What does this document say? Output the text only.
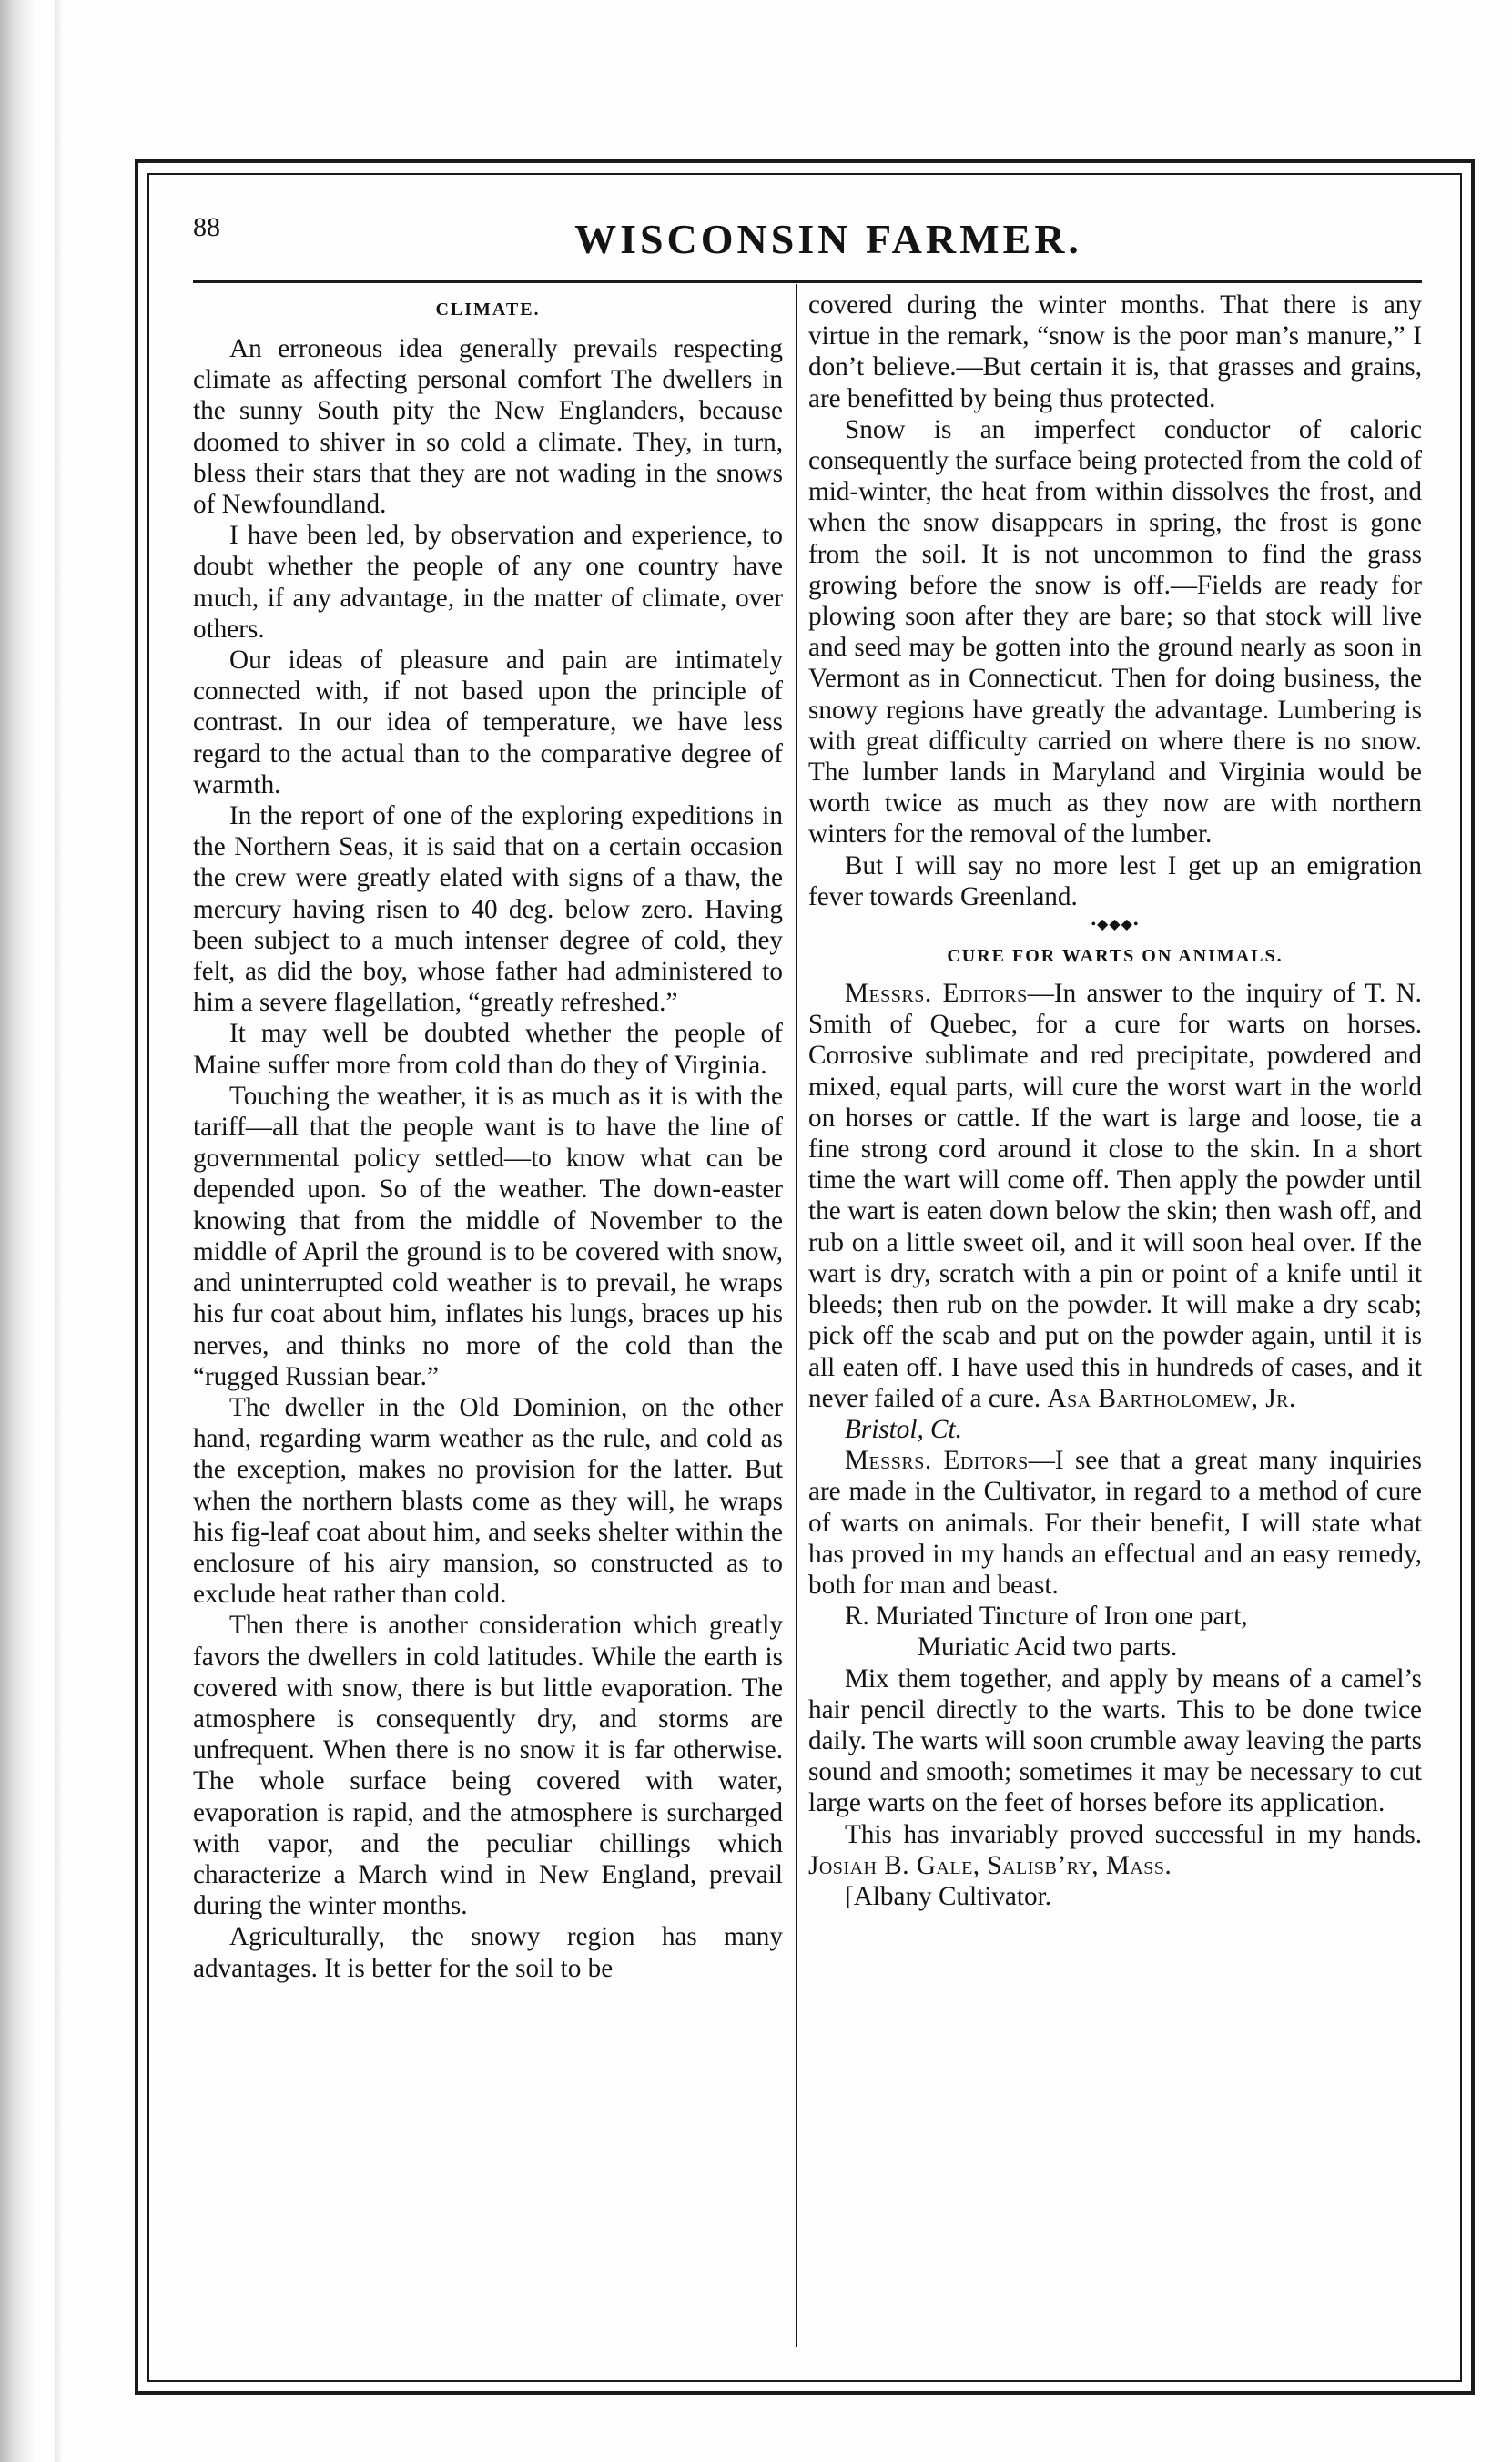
88	WISCONSIN FARMER.
CLIMATE.

An erroneous idea generally prevails respecting climate as affecting personal comfort The dwellers in the sunny South pity the New Englanders, because doomed to shiver in so cold a climate. They, in turn, bless their stars that they are not wading in the snows of Newfoundland.

I have been led, by observation and experience, to doubt whether the people of any one country have much, if any advantage, in the matter of climate, over others.

Our ideas of pleasure and pain are intimately connected with, if not based upon the principle of contrast. In our idea of temperature, we have less regard to the actual than to the comparative degree of warmth.

In the report of one of the exploring expeditions in the Northern Seas, it is said that on a certain occasion the crew were greatly elated with signs of a thaw, the mercury having risen to 40 deg. below zero. Having been subject to a much intenser degree of cold, they felt, as did the boy, whose father had administered to him a severe flagellation, “greatly refreshed.”

It may well be doubted whether the people of Maine suffer more from cold than do they of Virginia.

Touching the weather, it is as much as it is with the tariff—all that the people want is to have the line of governmental policy settled—to know what can be depended upon. So of the weather. The down-easter knowing that from the middle of November to the middle of April the ground is to be covered with snow, and uninterrupted cold weather is to prevail, he wraps his fur coat about him, inflates his lungs, braces up his nerves, and thinks no more of the cold than the “rugged Russian bear.”

The dweller in the Old Dominion, on the other hand, regarding warm weather as the rule, and cold as the exception, makes no provision for the latter. But when the northern blasts come as they will, he wraps his fig-leaf coat about him, and seeks shelter within the enclosure of his airy mansion, so constructed as to exclude heat rather than cold.

Then there is another consideration which greatly favors the dwellers in cold latitudes. While the earth is covered with snow, there is but little evaporation. The atmosphere is consequently dry, and storms are unfrequent. When there is no snow it is far otherwise. The whole surface being covered with water, evaporation is rapid, and the atmosphere is surcharged with vapor, and the peculiar chillings which characterize a March wind in New England, prevail during the winter months.

Agriculturally, the snowy region has many advantages. It is better for the soil to be

covered during the winter months. That there is any virtue in the remark, “snow is the poor man’s manure,” I don’t believe.—But certain it is, that grasses and grains, are benefitted by being thus protected.

Snow is an imperfect conductor of caloric consequently the surface being protected from the cold of mid-winter, the heat from within dissolves the frost, and when the snow disappears in spring, the frost is gone from the soil. It is not uncommon to find the grass growing before the snow is off.—Fields are ready for plowing soon after they are bare; so that stock will live and seed may be gotten into the ground nearly as soon in Vermont as in Connecticut. Then for doing business, the snowy regions have greatly the advantage. Lumbering is with great difficulty carried on where there is no snow. The lumber lands in Maryland and Virginia would be worth twice as much as they now are with northern winters for the removal of the lumber.

But I will say no more lest I get up an emigration fever towards Greenland.

•◆◆◆•
CURE FOR WARTS ON ANIMALS.

Messrs. Editors—In answer to the inquiry of T. N. Smith of Quebec, for a cure for warts on horses. Corrosive sublimate and red precipitate, powdered and mixed, equal parts, will cure the worst wart in the world on horses or cattle. If the wart is large and loose, tie a fine strong cord around it close to the skin. In a short time the wart will come off. Then apply the powder until the wart is eaten down below the skin; then wash off, and rub on a little sweet oil, and it will soon heal over. If the wart is dry, scratch with a pin or point of a knife until it bleeds; then rub on the powder. It will make a dry scab; pick off the scab and put on the powder again, until it is all eaten off. I have used this in hundreds of cases, and it never failed of a cure. Asa Bartholomew, Jr.

Bristol, Ct.

Messrs. Editors—I see that a great many inquiries are made in the Cultivator, in regard to a method of cure of warts on animals. For their benefit, I will state what has proved in my hands an effectual and an easy remedy, both for man and beast.

R. Muriated Tincture of Iron one part,

Muriatic Acid two parts.

Mix them together, and apply by means of a camel’s hair pencil directly to the warts. This to be done twice daily. The warts will soon crumble away leaving the parts sound and smooth; sometimes it may be necessary to cut large warts on the feet of horses before its application.

This has invariably proved successful in my hands. Josiah B. Gale, Salisb’ry, Mass.

[Albany Cultivator.
